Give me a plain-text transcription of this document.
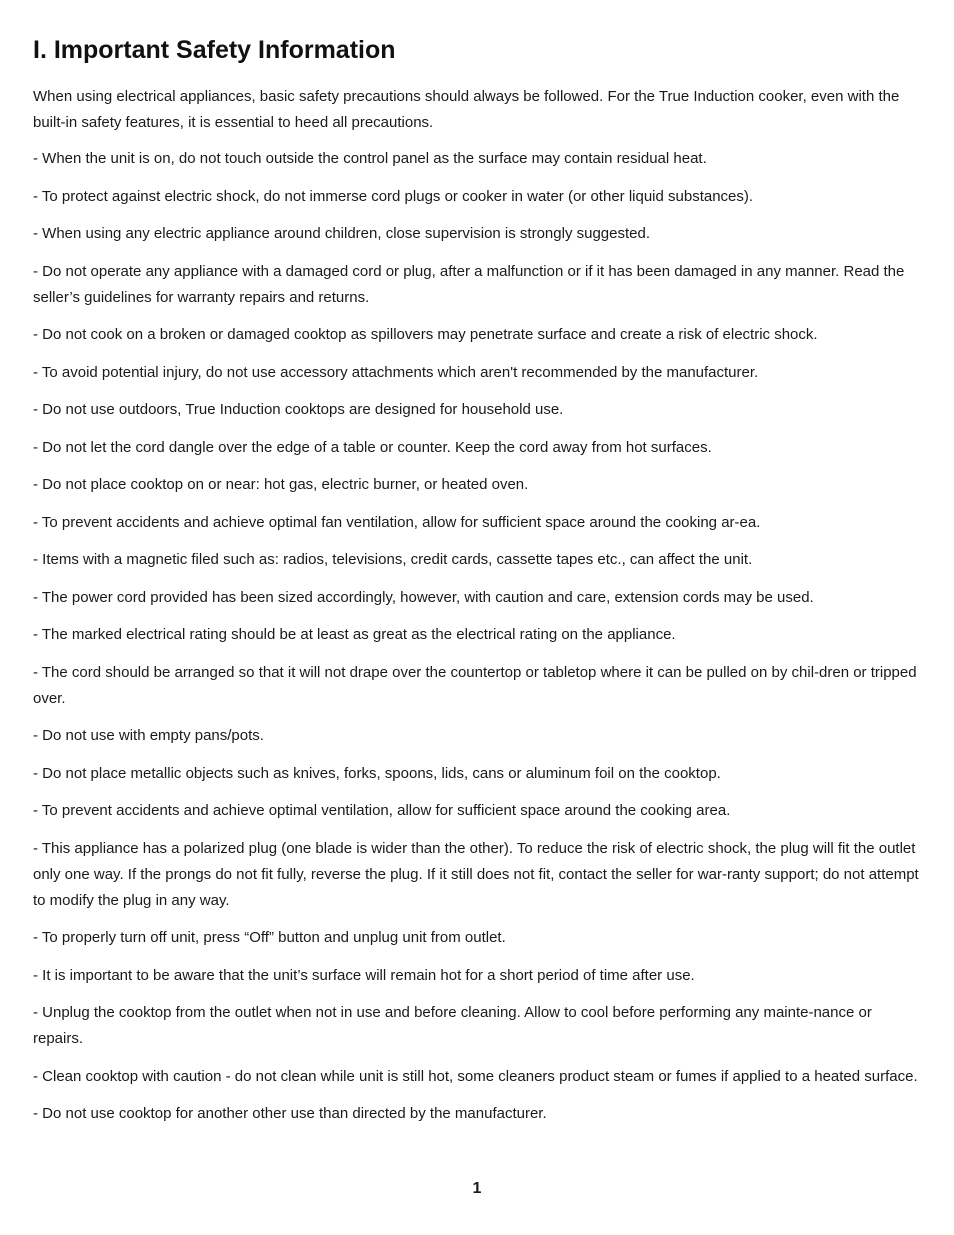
I. Important Safety Information

When using electrical appliances, basic safety precautions should always be followed. For the True Induction cooker, even with the built-in safety features, it is essential to heed all precautions.

- When the unit is on, do not touch outside the control panel as the surface may contain residual heat.

- To protect against electric shock, do not immerse cord plugs or cooker in water (or other liquid substances).

- When using any electric appliance around children, close supervision is strongly suggested.

- Do not operate any appliance with a damaged cord or plug, after a malfunction or if it has been damaged in any manner. Read the seller’s guidelines for warranty repairs and returns.

- Do not cook on a broken or damaged cooktop as spillovers may penetrate surface and create a risk of electric shock.

- To avoid potential injury, do not use accessory attachments which aren't recommended by the manufacturer.

- Do not use outdoors, True Induction cooktops are designed for household use.

- Do not let the cord dangle over the edge of a table or counter. Keep the cord away from hot surfaces.

- Do not place cooktop on or near: hot gas, electric burner, or heated oven.

- To prevent accidents and achieve optimal fan ventilation, allow for sufficient space around the cooking ar-ea.

- Items with a magnetic filed such as: radios, televisions, credit cards, cassette tapes etc., can affect the unit.

- The power cord provided has been sized accordingly, however, with caution and care, extension cords may be used.

- The marked electrical rating should be at least as great as the electrical rating on the appliance.

- The cord should be arranged so that it will not drape over the countertop or tabletop where it can be pulled on by chil-dren or tripped over.

- Do not use with empty pans/pots.

- Do not place metallic objects such as knives, forks, spoons, lids, cans or aluminum foil on the cooktop.

- To prevent accidents and achieve optimal ventilation, allow for sufficient space around the cooking area.

- This appliance has a polarized plug (one blade is wider than the other). To reduce the risk of electric shock, the plug will fit the outlet only one way. If the prongs do not fit fully, reverse the plug. If it still does not fit, contact the seller for war-ranty support; do not attempt to modify the plug in any way.

- To properly turn off unit, press “Off” button and unplug unit from outlet.

- It is important to be aware that the unit’s surface will remain hot for a short period of time after use.

- Unplug the cooktop from the outlet when not in use and before cleaning. Allow to cool before performing any mainte-nance or repairs.

- Clean cooktop with caution - do not clean while unit is still hot, some cleaners product steam or fumes if applied to a heated surface.

- Do not use cooktop for another other use than directed by the manufacturer.

1
